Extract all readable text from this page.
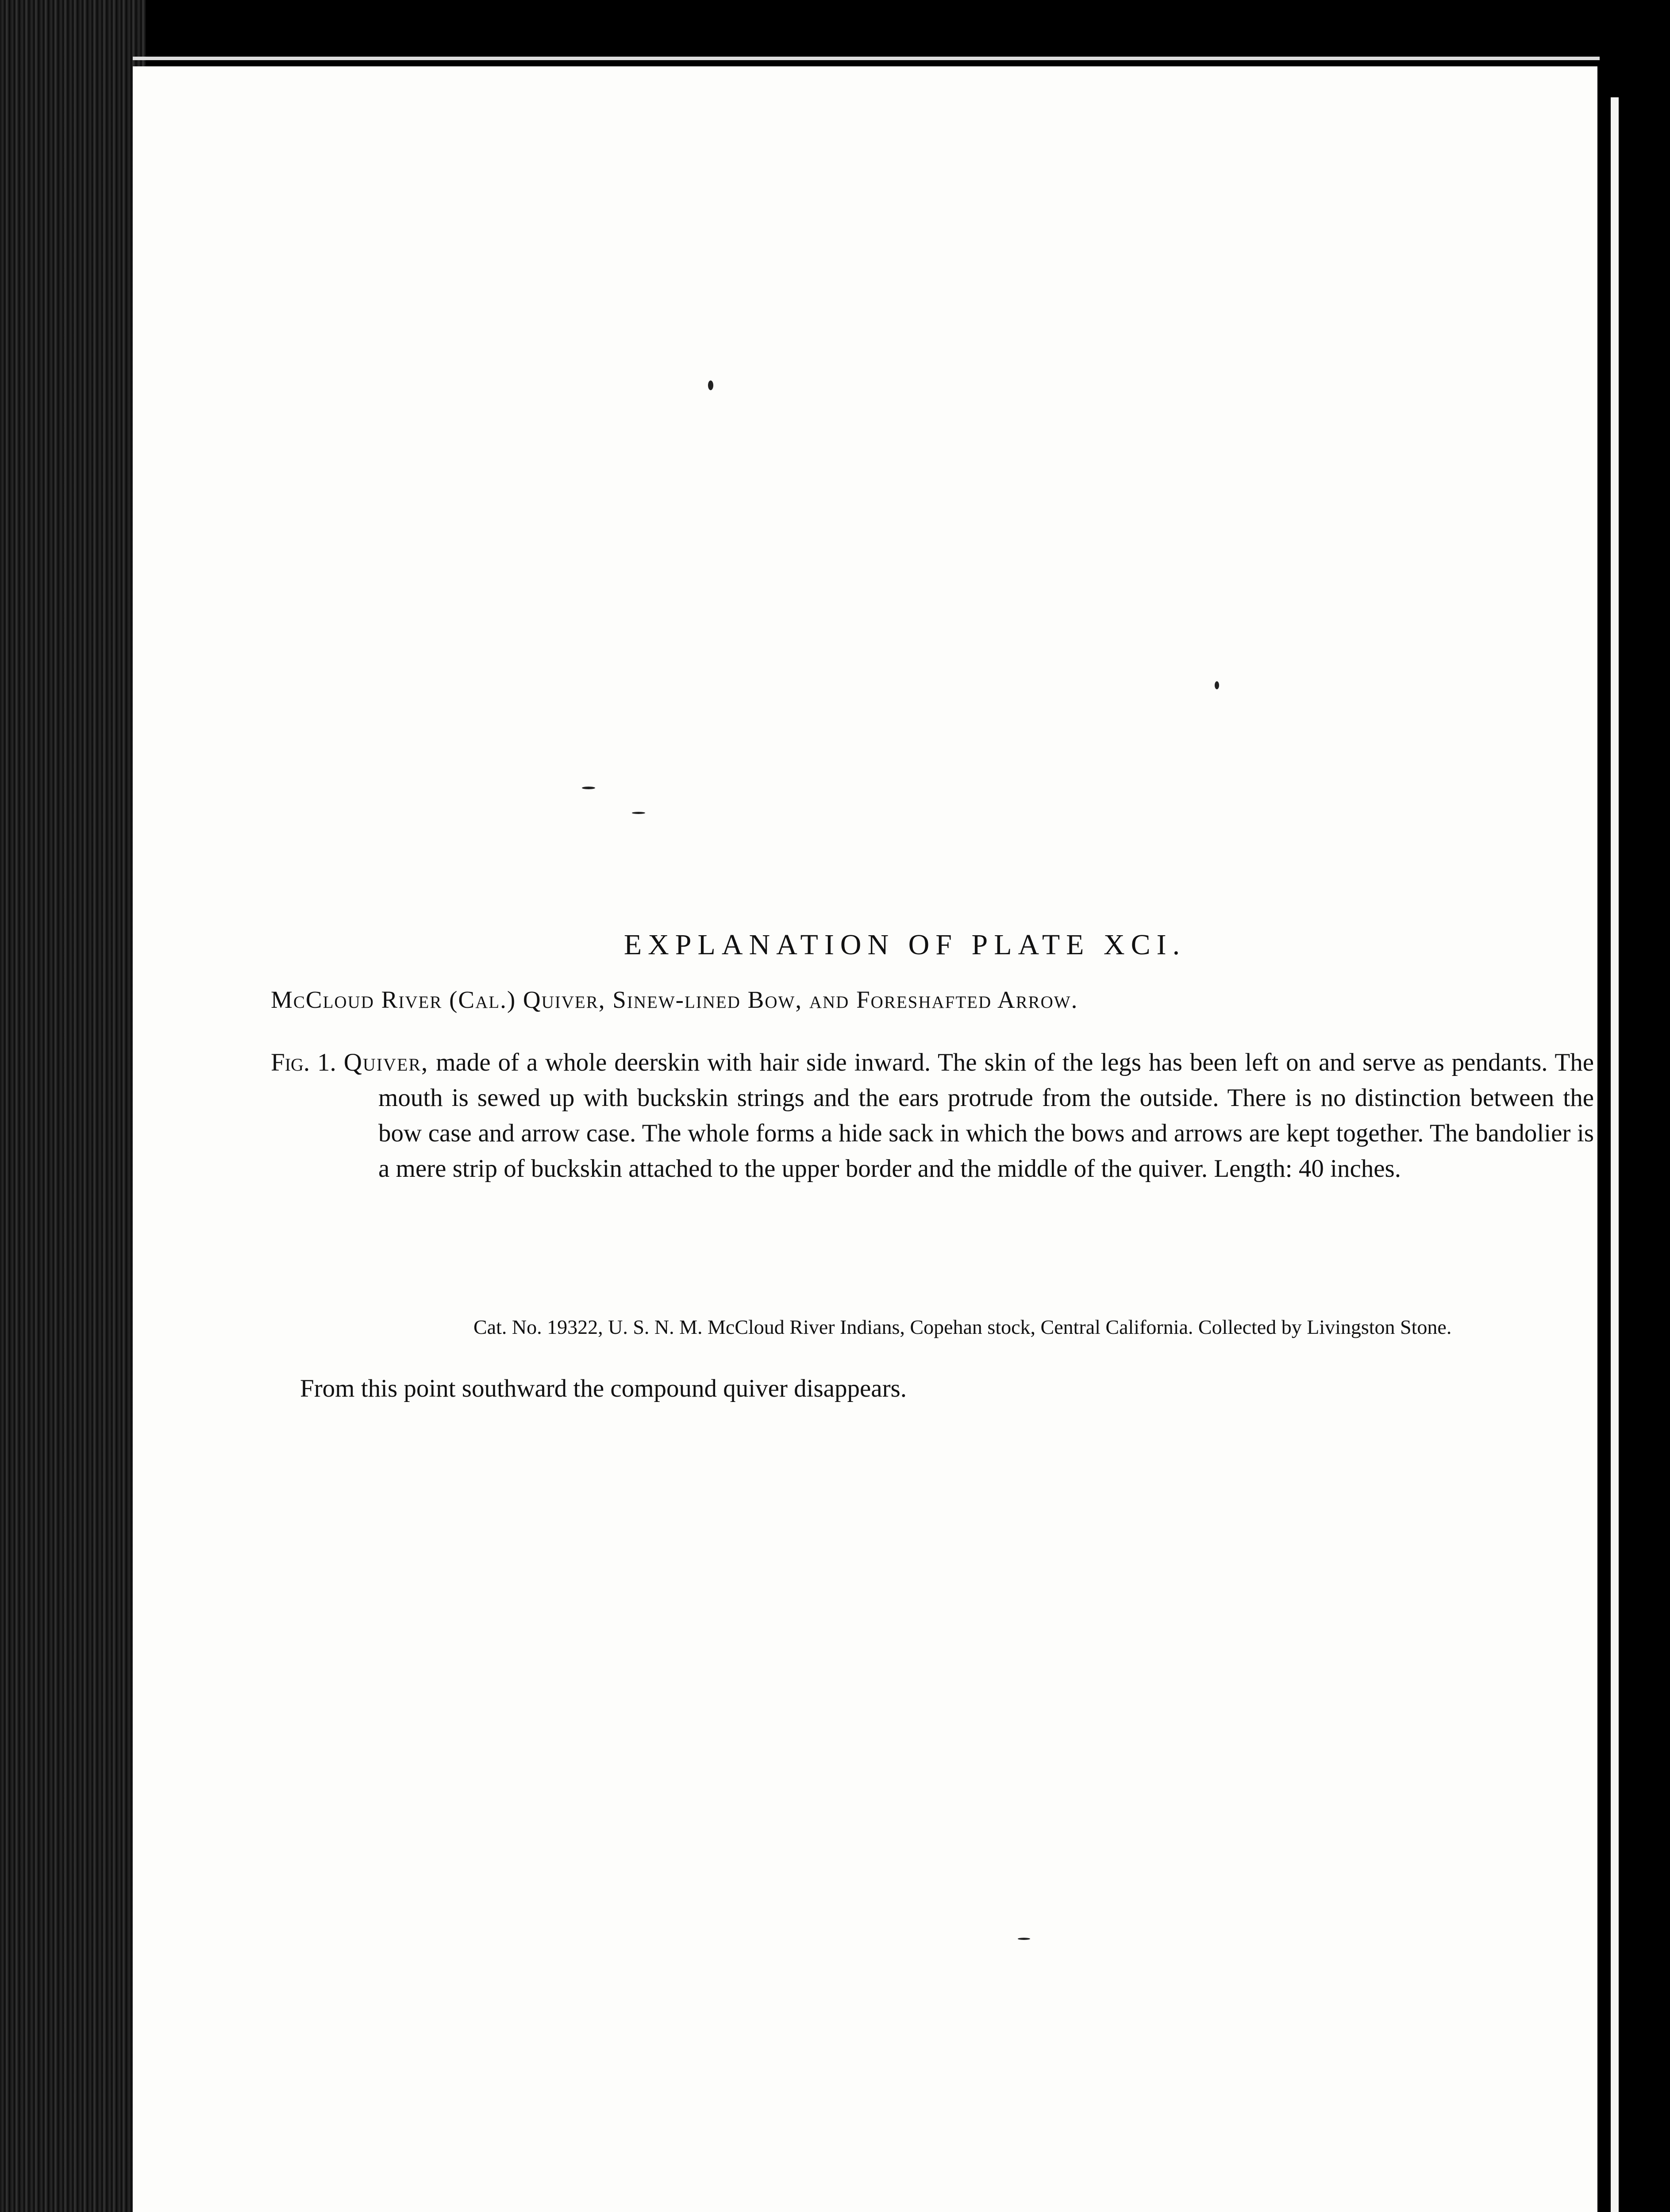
EXPLANATION OF PLATE XCI.

McCloud River (Cal.) Quiver, Sinew-lined Bow, and Foreshafted Arrow.

Fig. 1. Quiver, made of a whole deerskin with hair side inward. The skin of the legs has been left on and serve as pendants. The mouth is sewed up with buckskin strings and the ears protrude from the outside. There is no distinction between the bow case and arrow case. The whole forms a hide sack in which the bows and arrows are kept together. The bandolier is a mere strip of buckskin attached to the upper border and the middle of the quiver. Length: 40 inches.

Cat. No. 19322, U. S. N. M. McCloud River Indians, Copehan stock, Central California. Collected by Livingston Stone.

From this point southward the compound quiver disappears.
